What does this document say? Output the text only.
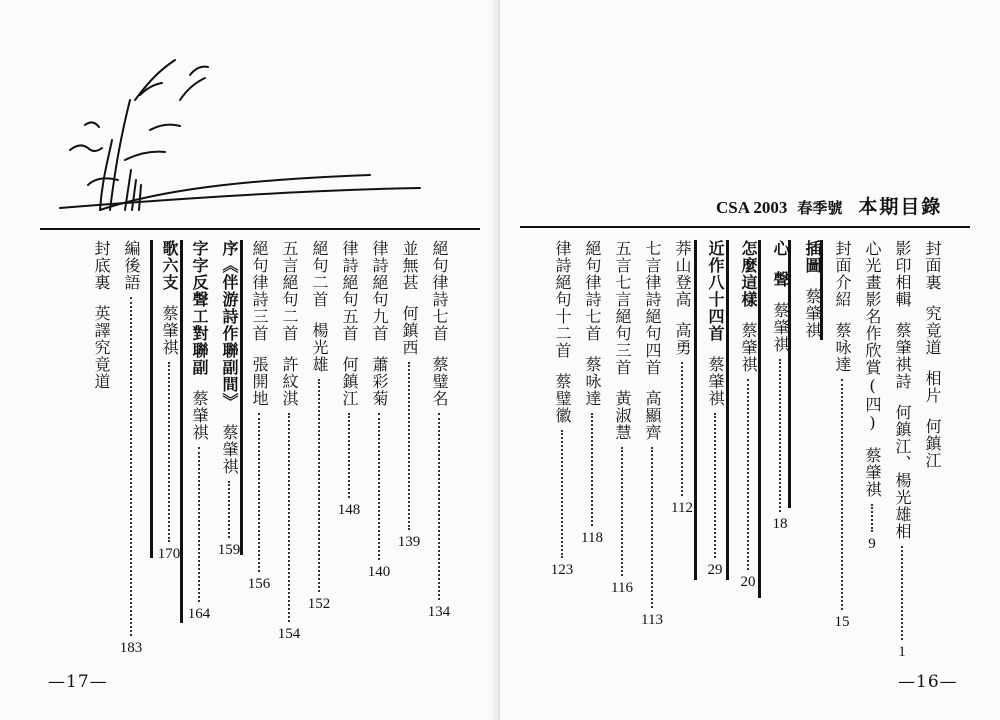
絕句律詩七首
蔡璧名
134
並無甚
何鎮西
139
律詩絕句九首
蕭彩菊
140
律詩絕句五首
何鎮江
148
絕句二首
楊光雄
152
五言絕句二首
許紋淇
154
絕句律詩三首
張開地
156
序《伴游詩作聯副間》
蔡肇祺
159
字字反聲工對聯副
蔡肇祺
164
歌六支
蔡肇祺
170
編後語
183
封底裏
英譯究竟道
—17—
CSA 2003 春季號 本期目錄
封面裏
究竟道
相片
何鎮江
影印相輯
蔡肇祺詩
何鎮江、楊光雄相
1
心光畫影名作欣賞(四)
蔡肇祺
9
封面介紹
蔡咏達
15
插圖
蔡肇祺
心
聲
蔡肇祺
18
怎麼這樣
蔡肇祺
20
近作八十四首
蔡肇祺
29
莽山登高
高勇
112
七言律詩絕句四首
高顯齊
113
五言七言絕句三首
黃淑慧
116
絕句律詩七首
蔡咏達
118
律詩絕句十二首
蔡璧徽
123
—16—
